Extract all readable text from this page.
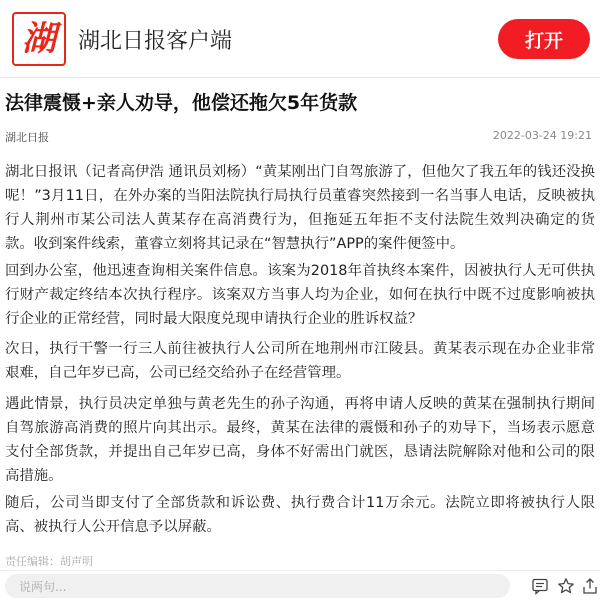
湖 湖北日报客户端	打开
法律震慑+亲人劝导，他偿还拖欠5年货款
湖北日报	2022-03-24 19:21

湖北日报讯（记者高伊浩 通讯员刘杨）“黄某刚出门自驾旅游了，但他欠了我五年的钱还没换呢！”3月11日，在外办案的当阳法院执行局执行员董睿突然接到一名当事人电话，反映被执行人荆州市某公司法人黄某存在高消费行为，但拖延五年拒不支付法院生效判决确定的货款。收到案件线索，董睿立刻将其记录在“智慧执行”APP的案件便签中。

回到办公室，他迅速查询相关案件信息。该案为2018年首执终本案件，因被执行人无可供执行财产裁定终结本次执行程序。该案双方当事人均为企业，如何在执行中既不过度影响被执行企业的正常经营，同时最大限度兑现申请执行企业的胜诉权益？

次日，执行干警一行三人前往被执行人公司所在地荆州市江陵县。黄某表示现在办企业非常艰难，自己年岁已高，公司已经交给孙子在经营管理。

遇此情景，执行员决定单独与黄老先生的孙子沟通，再将申请人反映的黄某在强制执行期间自驾旅游高消费的照片向其出示。最终，黄某在法律的震慑和孙子的劝导下，当场表示愿意支付全部货款，并提出自己年岁已高，身体不好需出门就医，恳请法院解除对他和公司的限高措施。

随后，公司当即支付了全部货款和诉讼费、执行费合计11万余元。法院立即将被执行人限高、被执行人公开信息予以屏蔽。

责任编辑：胡声明
说两句...
